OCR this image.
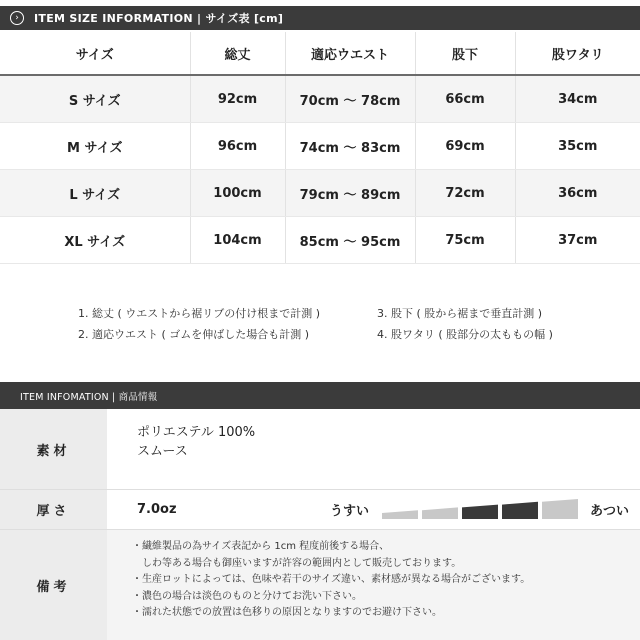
›	ITEM SIZE INFORMATION | サイズ表 [cm]
サイズ	総丈	適応ウエスト	股下	股ワタリ
S サイズ	92cm	70cm 〜 78cm	66cm	34cm
M サイズ	96cm	74cm 〜 83cm	69cm	35cm
L サイズ	100cm	79cm 〜 89cm	72cm	36cm
XL サイズ	104cm	85cm 〜 95cm	75cm	37cm
1. 総丈 ( ウエストから裾リブの付け根まで計測 )
2. 適応ウエスト ( ゴムを伸ばした場合も計測 )
3. 股下 ( 股から裾まで垂直計測 )
4. 股ワタリ ( 股部分の太ももの幅 )
ITEM INFOMATION | 商品情報
素材
ポリエステル 100%
スムース
厚さ	7.0oz	うすい	あつい
備考
・繊維製品の為サイズ表記から 1cm 程度前後する場合、
　しわ等ある場合も御座いますが許容の範囲内として販売しております。
・生産ロットによっては、色味や若干のサイズ違い、素材感が異なる場合がございます。
・濃色の場合は淡色のものと分けてお洗い下さい。
・濡れた状態での放置は色移りの原因となりますのでお避け下さい。
